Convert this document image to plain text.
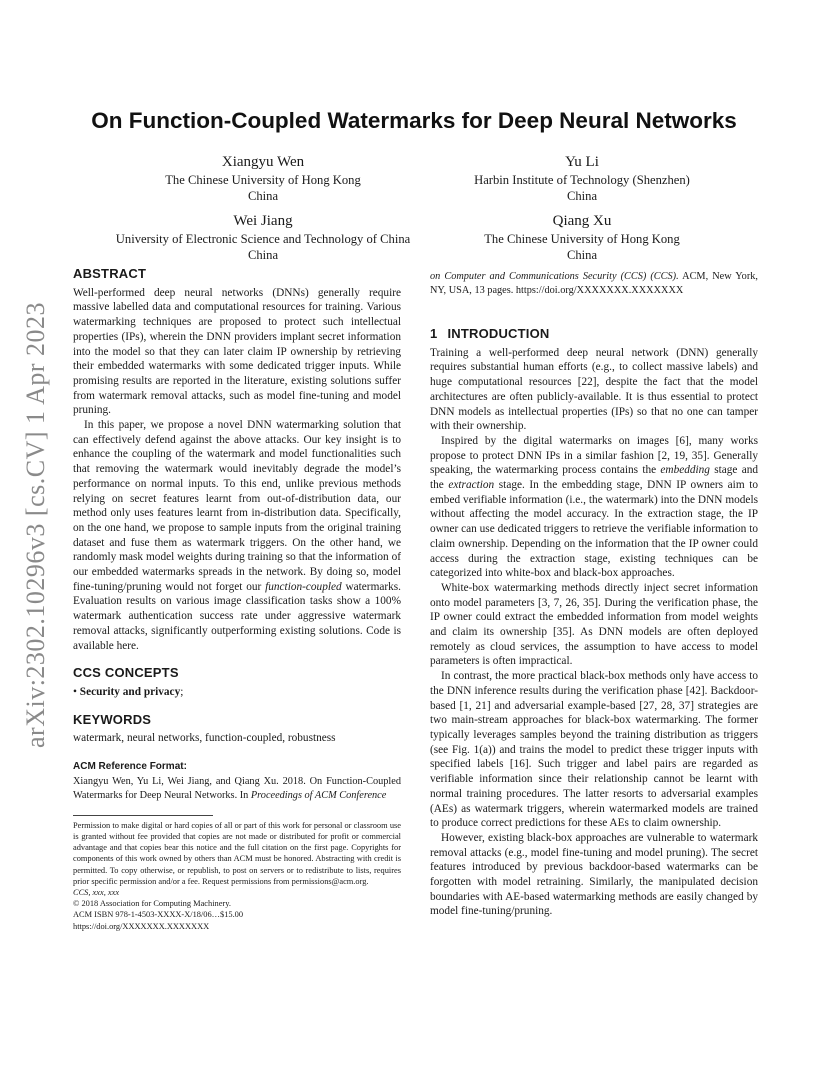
arXiv:2302.10296v3 [cs.CV] 1 Apr 2023
On Function-Coupled Watermarks for Deep Neural Networks
Xiangyu Wen
The Chinese University of Hong Kong
China
Yu Li
Harbin Institute of Technology (Shenzhen)
China
Wei Jiang
University of Electronic Science and Technology of China
China
Qiang Xu
The Chinese University of Hong Kong
China
ABSTRACT

Well-performed deep neural networks (DNNs) generally require massive labelled data and computational resources for training. Various watermarking techniques are proposed to protect such intellectual properties (IPs), wherein the DNN providers implant secret information into the model so that they can later claim IP ownership by retrieving their embedded watermarks with some dedicated trigger inputs. While promising results are reported in the literature, existing solutions suffer from watermark removal attacks, such as model fine-tuning and model pruning.

In this paper, we propose a novel DNN watermarking solution that can effectively defend against the above attacks. Our key insight is to enhance the coupling of the watermark and model functionalities such that removing the watermark would inevitably degrade the model’s performance on normal inputs. To this end, unlike previous methods relying on secret features learnt from out-of-distribution data, our method only uses features learnt from in-distribution data. Specifically, on the one hand, we propose to sample inputs from the original training dataset and fuse them as watermark triggers. On the other hand, we randomly mask model weights during training so that the information of our embedded watermarks spreads in the network. By doing so, model fine-tuning/pruning would not forget our function-coupled watermarks. Evaluation results on various image classification tasks show a 100% watermark authentication success rate under aggressive watermark removal attacks, significantly outperforming existing solutions. Code is available here.

CCS CONCEPTS
• Security and privacy;
KEYWORDS
watermark, neural networks, function-coupled, robustness
ACM Reference Format:

Xiangyu Wen, Yu Li, Wei Jiang, and Qiang Xu. 2018. On Function-Coupled Watermarks for Deep Neural Networks. In Proceedings of ACM Conference

Permission to make digital or hard copies of all or part of this work for personal or classroom use is granted without fee provided that copies are not made or distributed for profit or commercial advantage and that copies bear this notice and the full citation on the first page. Copyrights for components of this work owned by others than ACM must be honored. Abstracting with credit is permitted. To copy otherwise, or republish, to post on servers or to redistribute to lists, requires prior specific permission and/or a fee. Request permissions from permissions@acm.org.

CCS, xxx, xxx
© 2018 Association for Computing Machinery.
ACM ISBN 978-1-4503-XXXX-X/18/06…$15.00
https://doi.org/XXXXXXX.XXXXXXX

on Computer and Communications Security (CCS) (CCS). ACM, New York, NY, USA, 13 pages. https://doi.org/XXXXXXX.XXXXXXX

1 INTRODUCTION

Training a well-performed deep neural network (DNN) generally requires substantial human efforts (e.g., to collect massive labels) and huge computational resources [22], despite the fact that the model architectures are often publicly-available. It is thus essential to protect DNN models as intellectual properties (IPs) so that no one can tamper with their ownership.

Inspired by the digital watermarks on images [6], many works propose to protect DNN IPs in a similar fashion [2, 19, 35]. Generally speaking, the watermarking process contains the embedding stage and the extraction stage. In the embedding stage, DNN IP owners aim to embed verifiable information (i.e., the watermark) into the DNN models without affecting the model accuracy. In the extraction stage, the IP owner can use dedicated triggers to retrieve the verifiable information to claim ownership. Depending on the information that the IP owner could access during the extraction stage, existing techniques can be categorized into white-box and black-box approaches.

White-box watermarking methods directly inject secret information onto model parameters [3, 7, 26, 35]. During the verification phase, the IP owner could extract the embedded information from model weights and claim its ownership [35]. As DNN models are often deployed remotely as cloud services, the assumption to have access to model parameters is often impractical.

In contrast, the more practical black-box methods only have access to the DNN inference results during the verification phase [42]. Backdoor-based [1, 21] and adversarial example-based [27, 28, 37] strategies are two main-stream approaches for black-box watermarking. The former typically leverages samples beyond the training distribution as triggers (see Fig. 1(a)) and trains the model to predict these trigger inputs with specified labels [16]. Such trigger and label pairs are regarded as verifiable information since their relationship cannot be learnt with normal training procedures. The latter resorts to adversarial examples (AEs) as watermark triggers, wherein watermarked models are trained to produce correct predictions for these AEs to claim ownership.

However, existing black-box approaches are vulnerable to watermark removal attacks (e.g., model fine-tuning and model pruning). The secret features introduced by previous backdoor-based watermarks can be forgotten with model retraining. Similarly, the manipulated decision boundaries with AE-based watermarking methods are easily changed by model fine-tuning/pruning.
